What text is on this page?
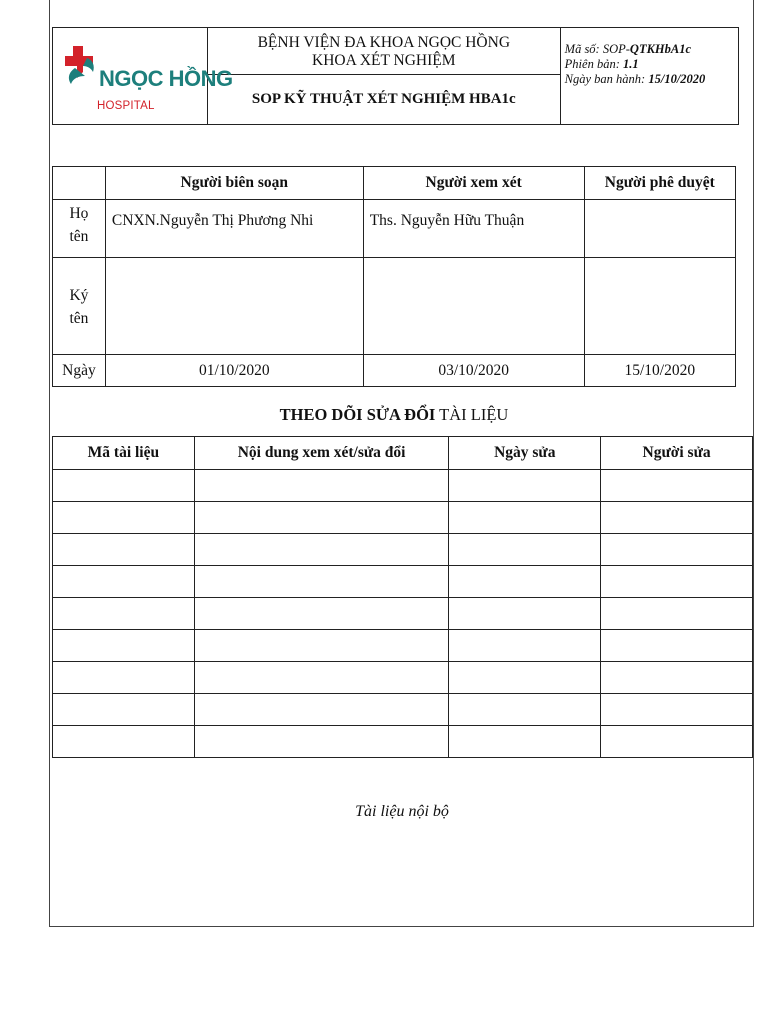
NGỌC HỒNG
HOSPITAL

BỆNH VIỆN ĐA KHOA NGỌC HỒNG
KHOA XÉT NGHIỆM

Mã số: SOP-QTKHbA1c
Phiên bản: 1.1
Ngày ban hành: 15/10/2020

SOP KỸ THUẬT XÉT NGHIỆM HBA1c
	Người biên soạn	Người xem xét	Người phê duyệt

Họ
tên	CNXN.Nguyễn Thị Phương Nhi	Ths. Nguyễn Hữu Thuận	

Ký
tên			

Ngày	01/10/2020	03/10/2020	15/10/2020
THEO DÕI SỬA ĐỔI TÀI LIỆU
Mã tài liệu	Nội dung xem xét/sửa đổi	Ngày sửa	Người sửa

Tài liệu nội bộ
